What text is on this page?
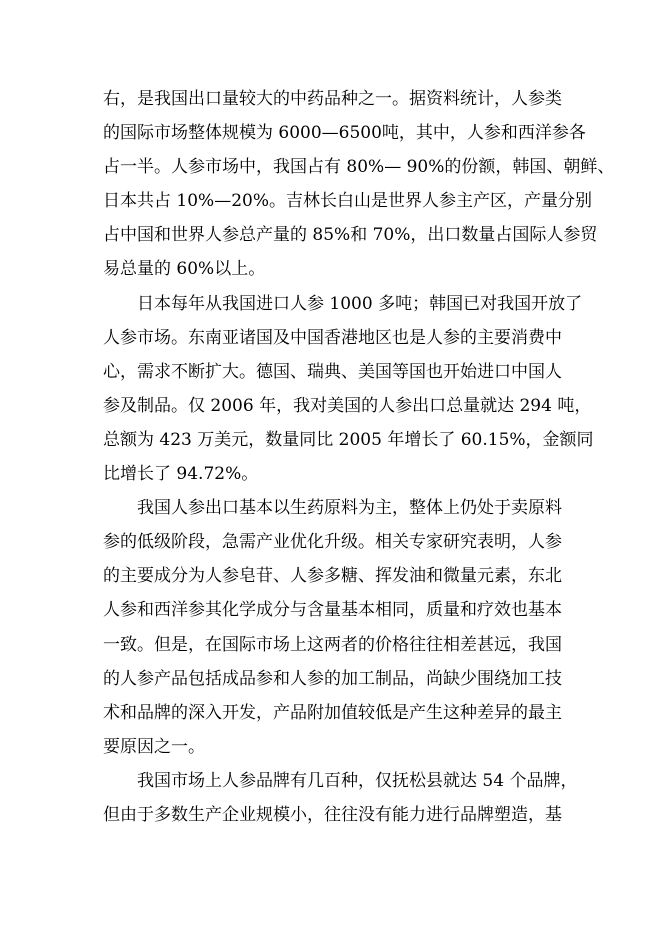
右，是我国出口量较大的中药品种之一。据资料统计，人参类
的国际市场整体规模为 6000—6500吨，其中，人参和西洋参各
占一半。人参市场中，我国占有 80%— 90%的份额，韩国、朝鲜、
日本共占 10%—20%。吉林长白山是世界人参主产区，产量分别
占中国和世界人参总产量的 85%和 70%，出口数量占国际人参贸
易总量的 60%以上。
日本每年从我国进口人参 1000 多吨；韩国已对我国开放了
人参市场。东南亚诸国及中国香港地区也是人参的主要消费中
心，需求不断扩大。德国、瑞典、美国等国也开始进口中国人
参及制品。仅 2006 年，我对美国的人参出口总量就达 294 吨，
总额为 423 万美元，数量同比 2005 年增长了 60.15%，金额同
比增长了 94.72%。
我国人参出口基本以生药原料为主，整体上仍处于卖原料
参的低级阶段，急需产业优化升级。相关专家研究表明，人参
的主要成分为人参皂苷、人参多糖、挥发油和微量元素，东北
人参和西洋参其化学成分与含量基本相同，质量和疗效也基本
一致。但是，在国际市场上这两者的价格往往相差甚远，我国
的人参产品包括成品参和人参的加工制品，尚缺少围绕加工技
术和品牌的深入开发，产品附加值较低是产生这种差异的最主
要原因之一。
我国市场上人参品牌有几百种，仅抚松县就达 54 个品牌，
但由于多数生产企业规模小，往往没有能力进行品牌塑造，基
